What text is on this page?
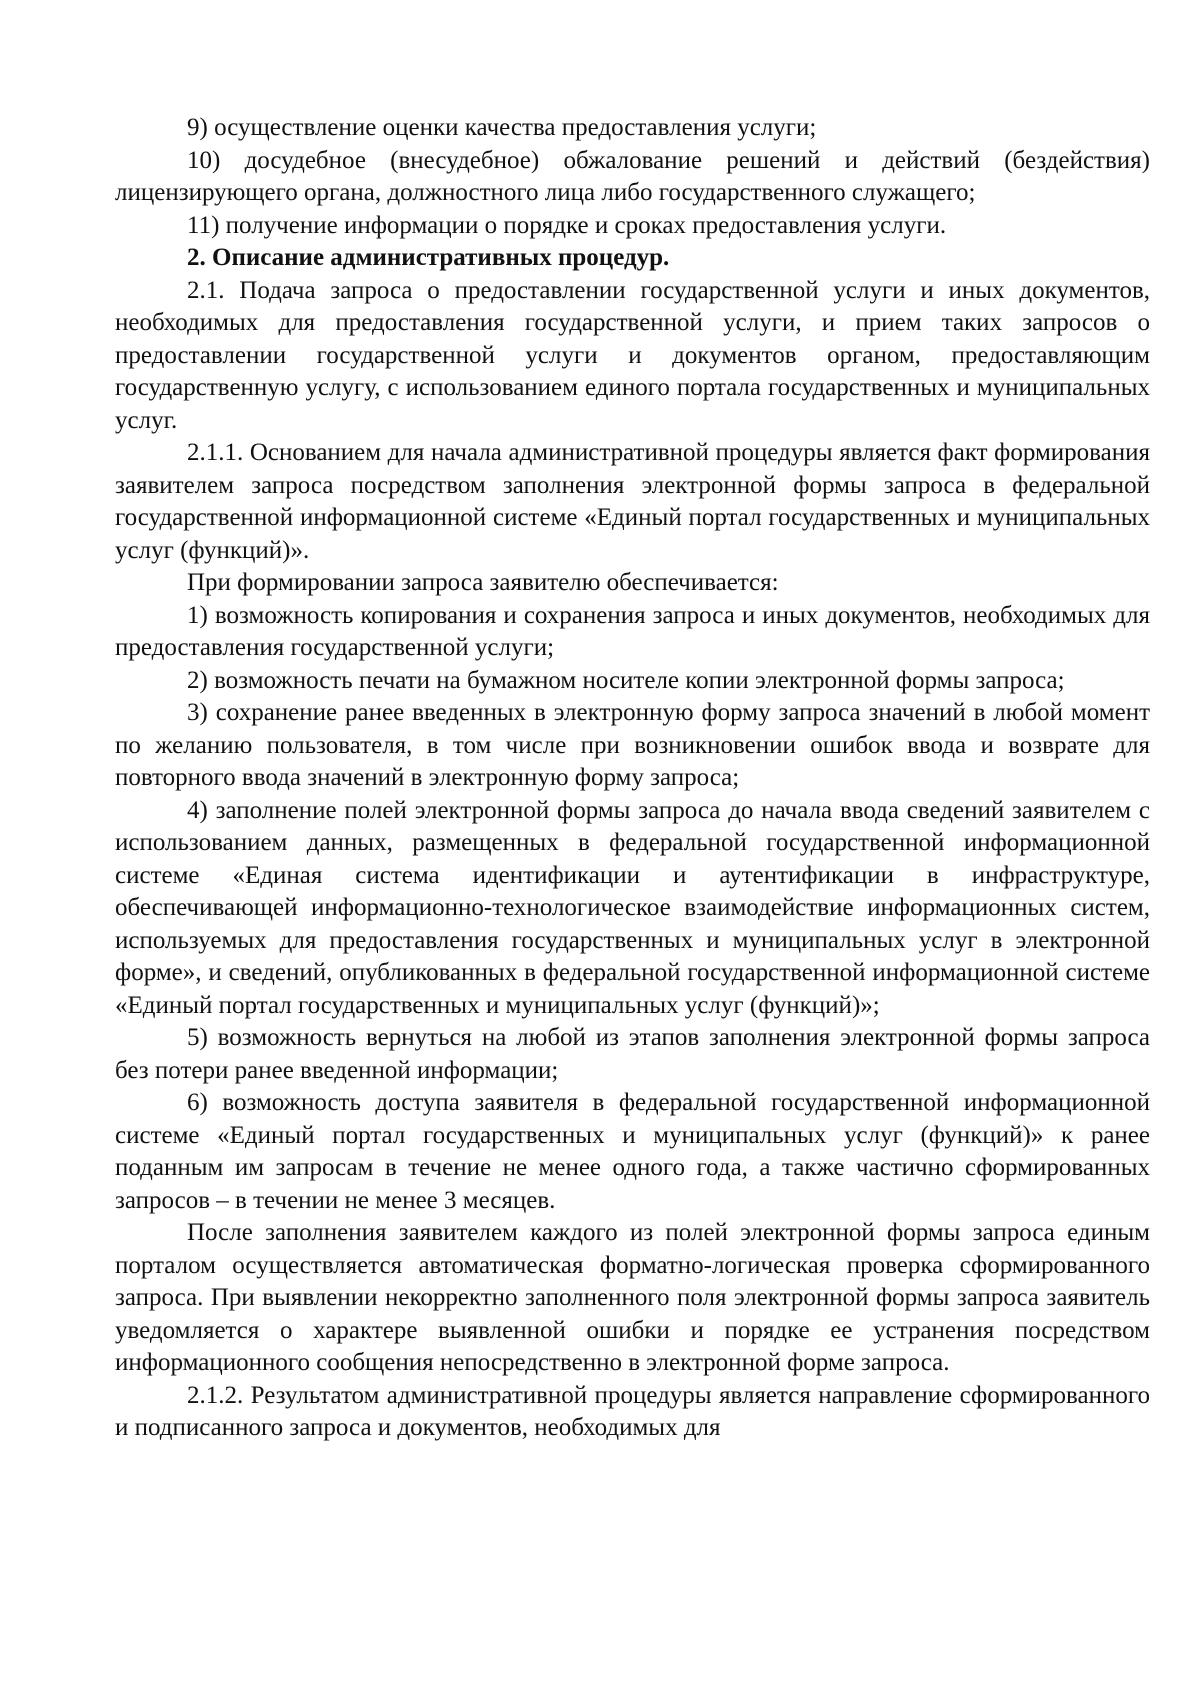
9) осуществление оценки качества предоставления услуги;

10) досудебное (внесудебное) обжалование решений и действий (бездействия) лицензирующего органа, должностного лица либо государственного служащего;

11) получение информации о порядке и сроках предоставления услуги.

2. Описание административных процедур.

2.1. Подача запроса о предоставлении государственной услуги и иных документов, необходимых для предоставления государственной услуги, и прием таких запросов о предоставлении государственной услуги и документов органом, предоставляющим государственную услугу, с использованием единого портала государственных и муниципальных услуг.

2.1.1. Основанием для начала административной процедуры является факт формирования заявителем запроса посредством заполнения электронной формы запроса в федеральной государственной информационной системе «Единый портал государственных и муниципальных услуг (функций)».

При формировании запроса заявителю обеспечивается:

1) возможность копирования и сохранения запроса и иных документов, необходимых для предоставления государственной услуги;

2) возможность печати на бумажном носителе копии электронной формы запроса;

3) сохранение ранее введенных в электронную форму запроса значений в любой момент по желанию пользователя, в том числе при возникновении ошибок ввода и возврате для повторного ввода значений в электронную форму запроса;

4) заполнение полей электронной формы запроса до начала ввода сведений заявителем с использованием данных, размещенных в федеральной государственной информационной системе «Единая система идентификации и аутентификации в инфраструктуре, обеспечивающей информационно-технологическое взаимодействие информационных систем, используемых для предоставления государственных и муниципальных услуг в электронной форме», и сведений, опубликованных в федеральной государственной информационной системе «Единый портал государственных и муниципальных услуг (функций)»;

5) возможность вернуться на любой из этапов заполнения электронной формы запроса без потери ранее введенной информации;

6) возможность доступа заявителя в федеральной государственной информационной системе «Единый портал государственных и муниципальных услуг (функций)» к ранее поданным им запросам в течение не менее одного года, а также частично сформированных запросов – в течении не менее 3 месяцев.

После заполнения заявителем каждого из полей электронной формы запроса единым порталом осуществляется автоматическая форматно-логическая проверка сформированного запроса. При выявлении некорректно заполненного поля электронной формы запроса заявитель уведомляется о характере выявленной ошибки и порядке ее устранения посредством информационного сообщения непосредственно в электронной форме запроса.

2.1.2. Результатом административной процедуры является направление сформированного и подписанного запроса и документов, необходимых для
